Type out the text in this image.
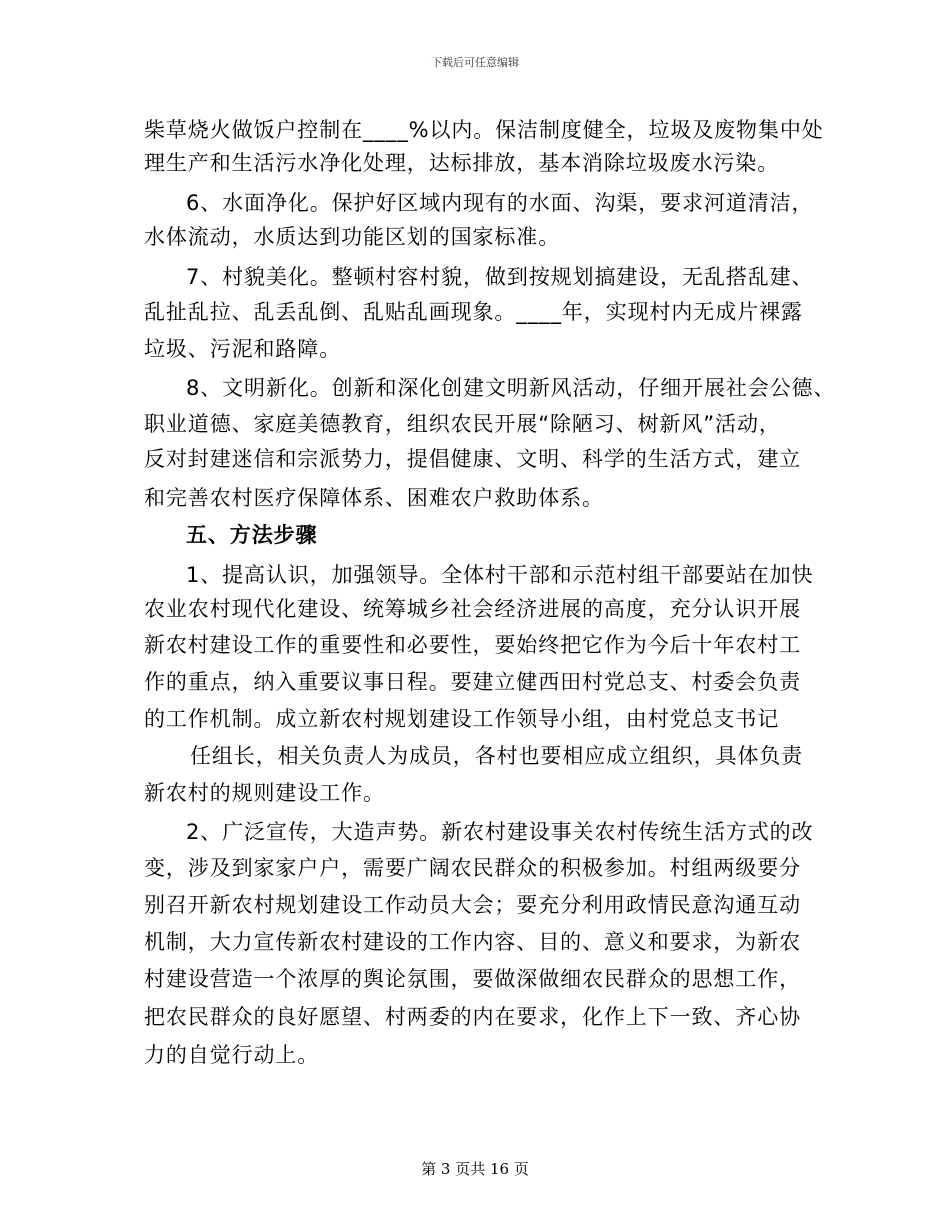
下载后可任意编辑
柴草烧火做饭户控制在____%以内。保洁制度健全，垃圾及废物集中处
理生产和生活污水净化处理，达标排放，基本消除垃圾废水污染。
6、水面净化。保护好区域内现有的水面、沟渠，要求河道清洁，
水体流动，水质达到功能区划的国家标准。
7、村貌美化。整顿村容村貌，做到按规划搞建设，无乱搭乱建、
乱扯乱拉、乱丢乱倒、乱贴乱画现象。____年，实现村内无成片裸露
垃圾、污泥和路障。
8、文明新化。创新和深化创建文明新风活动，仔细开展社会公德、
职业道德、家庭美德教育，组织农民开展“除陋习、树新风”活动，
反对封建迷信和宗派势力，提倡健康、文明、科学的生活方式，建立
和完善农村医疗保障体系、困难农户救助体系。
五、方法步骤
1、提高认识，加强领导。全体村干部和示范村组干部要站在加快
农业农村现代化建设、统筹城乡社会经济进展的高度，充分认识开展
新农村建设工作的重要性和必要性，要始终把它作为今后十年农村工
作的重点，纳入重要议事日程。要建立健西田村党总支、村委会负责
的工作机制。成立新农村规划建设工作领导小组，由村党总支书记
任组长，相关负责人为成员，各村也要相应成立组织，具体负责
新农村的规则建设工作。
2、广泛宣传，大造声势。新农村建设事关农村传统生活方式的改
变，涉及到家家户户，需要广阔农民群众的积极参加。村组两级要分
别召开新农村规划建设工作动员大会；要充分利用政情民意沟通互动
机制，大力宣传新农村建设的工作内容、目的、意义和要求，为新农
村建设营造一个浓厚的舆论氛围，要做深做细农民群众的思想工作，
把农民群众的良好愿望、村两委的内在要求，化作上下一致、齐心协
力的自觉行动上。
第 3 页共 16 页
